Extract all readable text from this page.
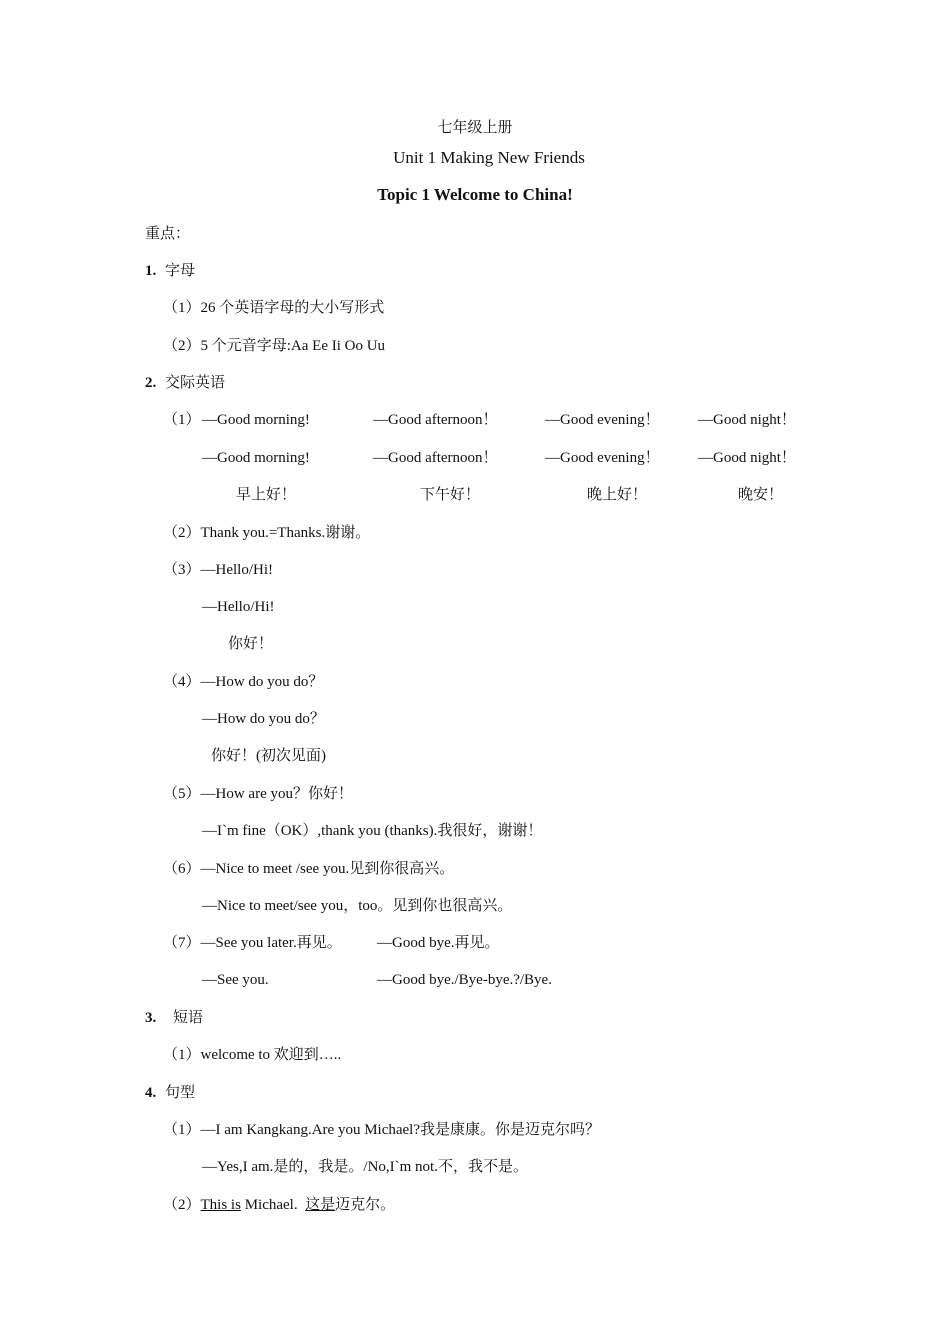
七年级上册
Unit 1 Making New Friends
Topic 1 Welcome to China!
重点：
1. 字母
（1）26 个英语字母的大小写形式
（2）5 个元音字母:Aa Ee Ii Oo Uu
2. 交际英语
（1） —Good morning!	—Good afternoon！	—Good evening！	—Good night！
—Good morning!	—Good afternoon！	—Good evening！	—Good night！
早上好！	下午好！	晚上好！	晚安！
（2）Thank you.=Thanks.谢谢。
（3）—Hello/Hi!
—Hello/Hi!
你好！
（4）—How do you do？
—How do you do？
你好！(初次见面)
（5）—How are you？你好！
—I`m fine（OK）,thank you (thanks).我很好，谢谢！
（6）—Nice to meet /see you.见到你很高兴。
—Nice to meet/see you，too。见到你也很高兴。
（7）—See you later.再见。 —Good bye.再见。
—See you.	—Good bye./Bye-bye.?/Bye.
3. 短语
（1）welcome to 欢迎到…..
4. 句型
（1）—I am Kangkang.Are you Michael?我是康康。你是迈克尔吗？
—Yes,I am.是的，我是。/No,I`m not.不，我不是。
（2）This is Michael.  这是迈克尔。
